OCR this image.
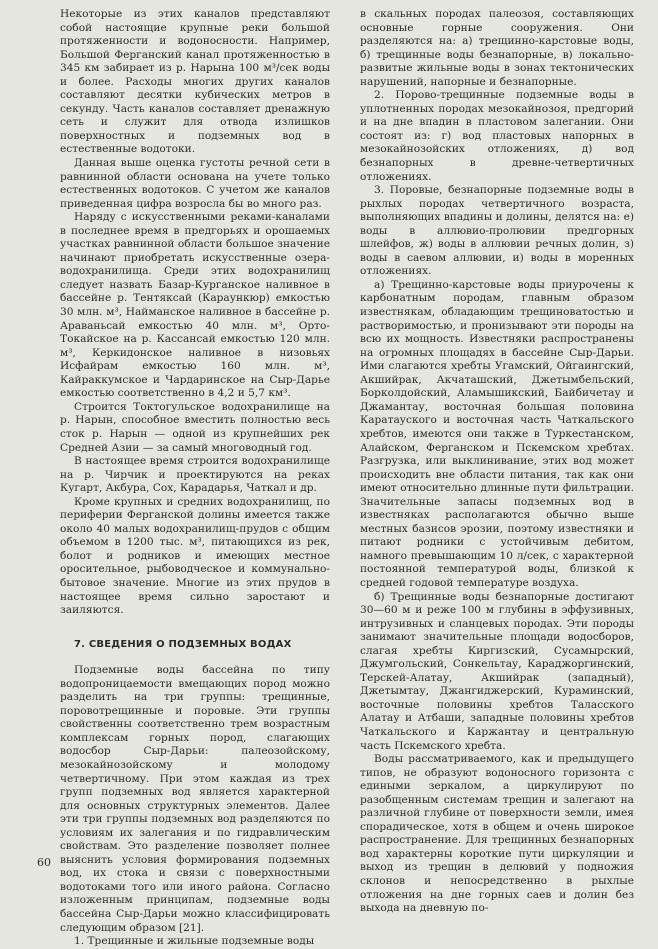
Некоторые из этих каналов представляют собой настоящие крупные реки большой протяженности и водоносности. Например, Большой Ферганский канал протяженностью в 345 км забирает из р. Нарына 100 м³/сек воды и более. Расходы многих других каналов составляют десятки кубических метров в секунду. Часть каналов составляет дренажную сеть и служит для отвода излишков поверхностных и подземных вод в естественные водотоки.

Данная выше оценка густоты речной сети в равнинной области основана на учете только естественных водотоков. С учетом же каналов приведенная цифра возросла бы во много раз.

Наряду с искусственными реками-каналами в последнее время в предгорьях и орошаемых участках равнинной области большое значение начинают приобретать искусственные озера-водохранилища. Среди этих водохранилищ следует назвать Базар-Курганское наливное в бассейне р. Тентяксай (Караункюр) емкостью 30 млн. м³, Наймaнское наливное в бассейне р. Араваньсай емкостью 40 млн. м³, Орто-Токайское на р. Кассансай емкостью 120 млн. м³, Керкидонское наливное в низовьях Исфайрам емкостью 160 млн. м³, Кайраккумское и Чардаринское на Сыр-Дарье емкостью соответственно в 4,2 и 5,7 км³.

Строится Токтогульское водохранилище на р. Нарын, способное вместить полностью весь сток р. Нарын — одной из крупнейших рек Средней Азии — за самый многоводный год.

В настоящее время строится водохранилище на р. Чирчик и проектируются на реках Кугарт, Акбура, Сох, Карадарья, Чаткал и др.

Кроме крупных и средних водохранилищ, по периферии Ферганской долины имеется также около 40 малых водохранилищ-прудов с общим объемом в 1200 тыс. м³, питающихся из рек, болот и родников и имеющих местное оросительное, рыбоводческое и коммунально-бытовое значение. Многие из этих прудов в настоящее время сильно заростают и заиляются.

7. СВЕДЕНИЯ О ПОДЗЕМНЫХ ВОДАХ

Подземные воды бассейна по типу водопроницаемости вмещающих пород можно разделить на три группы: трещинные, поровотрещинные и поровые. Эти группы свойственны соответственно трем возрастным комплексам горных пород, слагающих водосбор Сыр-Дарьи: палеозойскому, мезокайнозойскому и молодому четвертичному. При этом каждая из трех групп подземных вод является характерной для основных структурных элементов. Далее эти три группы подземных вод разделяются по условиям их залегания и по гидравлическим свойствам. Это разделение позволяет полнее выяснить условия формирования подземных вод, их стока и связи с поверхностными водотоками того или иного района. Согласно изложенным принципам, подземные воды бассейна Сыр-Дарьи можно классифицировать следующим образом [21].

1. Трещинные и жильные подземные воды

в скальных породах палеозоя, составляющих основные горные сооружения. Они разделяются на: а) трещинно-карстовые воды, б) трещинные воды безнапорные, в) локально-развитые жильные воды в зонах тектонических нарушений, напорные и безнапорные.

2. Порово-трещинные подземные воды в уплотненных породах мезокайнозоя, предгорий и на дне впадин в пластовом залегании. Они состоят из: г) вод пластовых напорных в мезокайнозойских отложениях, д) вод безнапорных в древне-четвертичных отложениях.

3. Поровые, безнапорные подземные воды в рыхлых породах четвертичного возраста, выполняющих впадины и долины, делятся на: е) воды в аллювио-пролювии предгорных шлейфов, ж) воды в аллювии речных долин, з) воды в саевом аллювии, и) воды в моренных отложениях.

а) Трещинно-карстовые воды приурочены к карбонатным породам, главным образом известнякам, обладающим трещиноватостью и растворимостью, и пронизывают эти породы на всю их мощность. Известняки распространены на огромных площадях в бассейне Сыр-Дарьи. Ими слагаются хребты Угамский, Ойгаингский, Акшийрак, Акчаташский, Джетымбельский, Борколдойский, Аламышикский, Байбичетау и Джамантау, восточная большая половина Каратауского и восточная часть Чаткальского хребтов, имеются они также в Туркестанском, Алайском, Ферганском и Пскемском хребтах. Разгрузка, или выклинивание, этих вод может происходить вне области питания, так как они имеют относительно длинные пути фильтрации. Значительные запасы подземных вод в известняках располагаются обычно выше местных базисов эрозии, поэтому известняки и питают родники с устойчивым дебитом, намного превышающим 10 л/сек, с характерной постоянной температурой воды, близкой к средней годовой температуре воздуха.

б) Трещинные воды безнапорные достигают 30—60 м и реже 100 м глубины в эффузивных, интрузивных и сланцевых породах. Эти породы занимают значительные площади водосборов, слагая хребты Киргизский, Сусамырский, Джумгольский, Сонкельтау, Караджоргинский, Терскей-Алатау, Акшийрак (западный), Джетымтау, Джангиджерский, Кураминский, восточные половины хребтов Таласского Алатау и Атбаши, западные половины хребтов Чаткальского и Каржантау и центральную часть Пскемского хребта.

Воды рассматриваемого, как и предыдущего типов, не образуют водоносного горизонта с едиными зеркалом, а циркулируют по разобщенным системам трещин и залегают на различной глубине от поверхности земли, имея спорадическое, хотя в общем и очень широкое распространение. Для трещинных безнапорных вод характерны короткие пути циркуляции и выход из трещин в делювий у подножия склонов и непосредственно в рыхлые отложения на дне горных саев и долин без выхода на дневную по-

60
